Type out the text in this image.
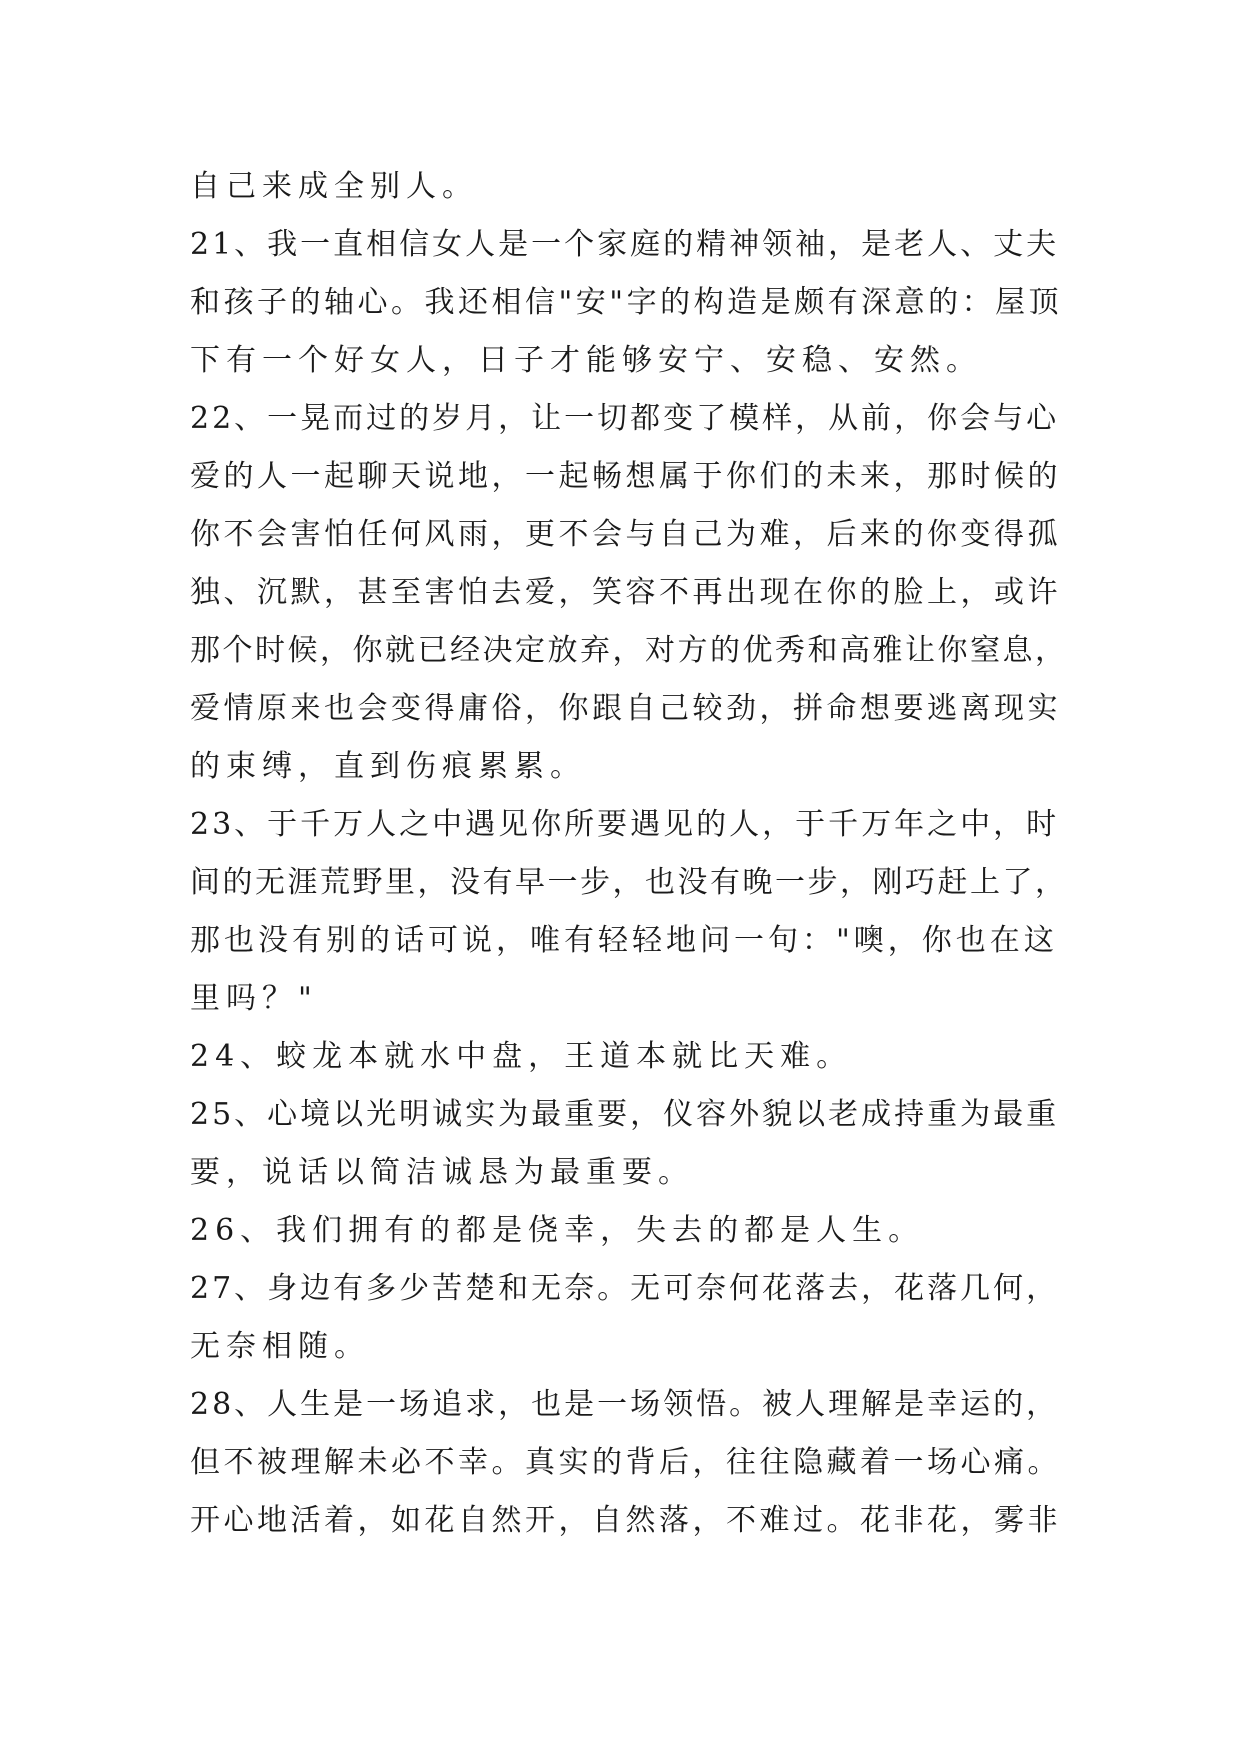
自己来成全别人。
21、我一直相信女人是一个家庭的精神领袖，是老人、丈夫
和孩子的轴心。我还相信"安"字的构造是颇有深意的：屋顶
下有一个好女人，日子才能够安宁、安稳、安然。
22、一晃而过的岁月，让一切都变了模样，从前，你会与心
爱的人一起聊天说地，一起畅想属于你们的未来，那时候的
你不会害怕任何风雨，更不会与自己为难，后来的你变得孤
独、沉默，甚至害怕去爱，笑容不再出现在你的脸上，或许
那个时候，你就已经决定放弃，对方的优秀和高雅让你窒息，
爱情原来也会变得庸俗，你跟自己较劲，拼命想要逃离现实
的束缚，直到伤痕累累。
23、于千万人之中遇见你所要遇见的人，于千万年之中，时
间的无涯荒野里，没有早一步，也没有晚一步，刚巧赶上了，
那也没有别的话可说，唯有轻轻地问一句："噢，你也在这
里吗？"
24、蛟龙本就水中盘，王道本就比天难。
25、心境以光明诚实为最重要，仪容外貌以老成持重为最重
要，说话以简洁诚恳为最重要。
26、我们拥有的都是侥幸，失去的都是人生。
27、身边有多少苦楚和无奈。无可奈何花落去，花落几何，
无奈相随。
28、人生是一场追求，也是一场领悟。被人理解是幸运的，
但不被理解未必不幸。真实的背后，往往隐藏着一场心痛。
开心地活着，如花自然开，自然落，不难过。花非花，雾非
